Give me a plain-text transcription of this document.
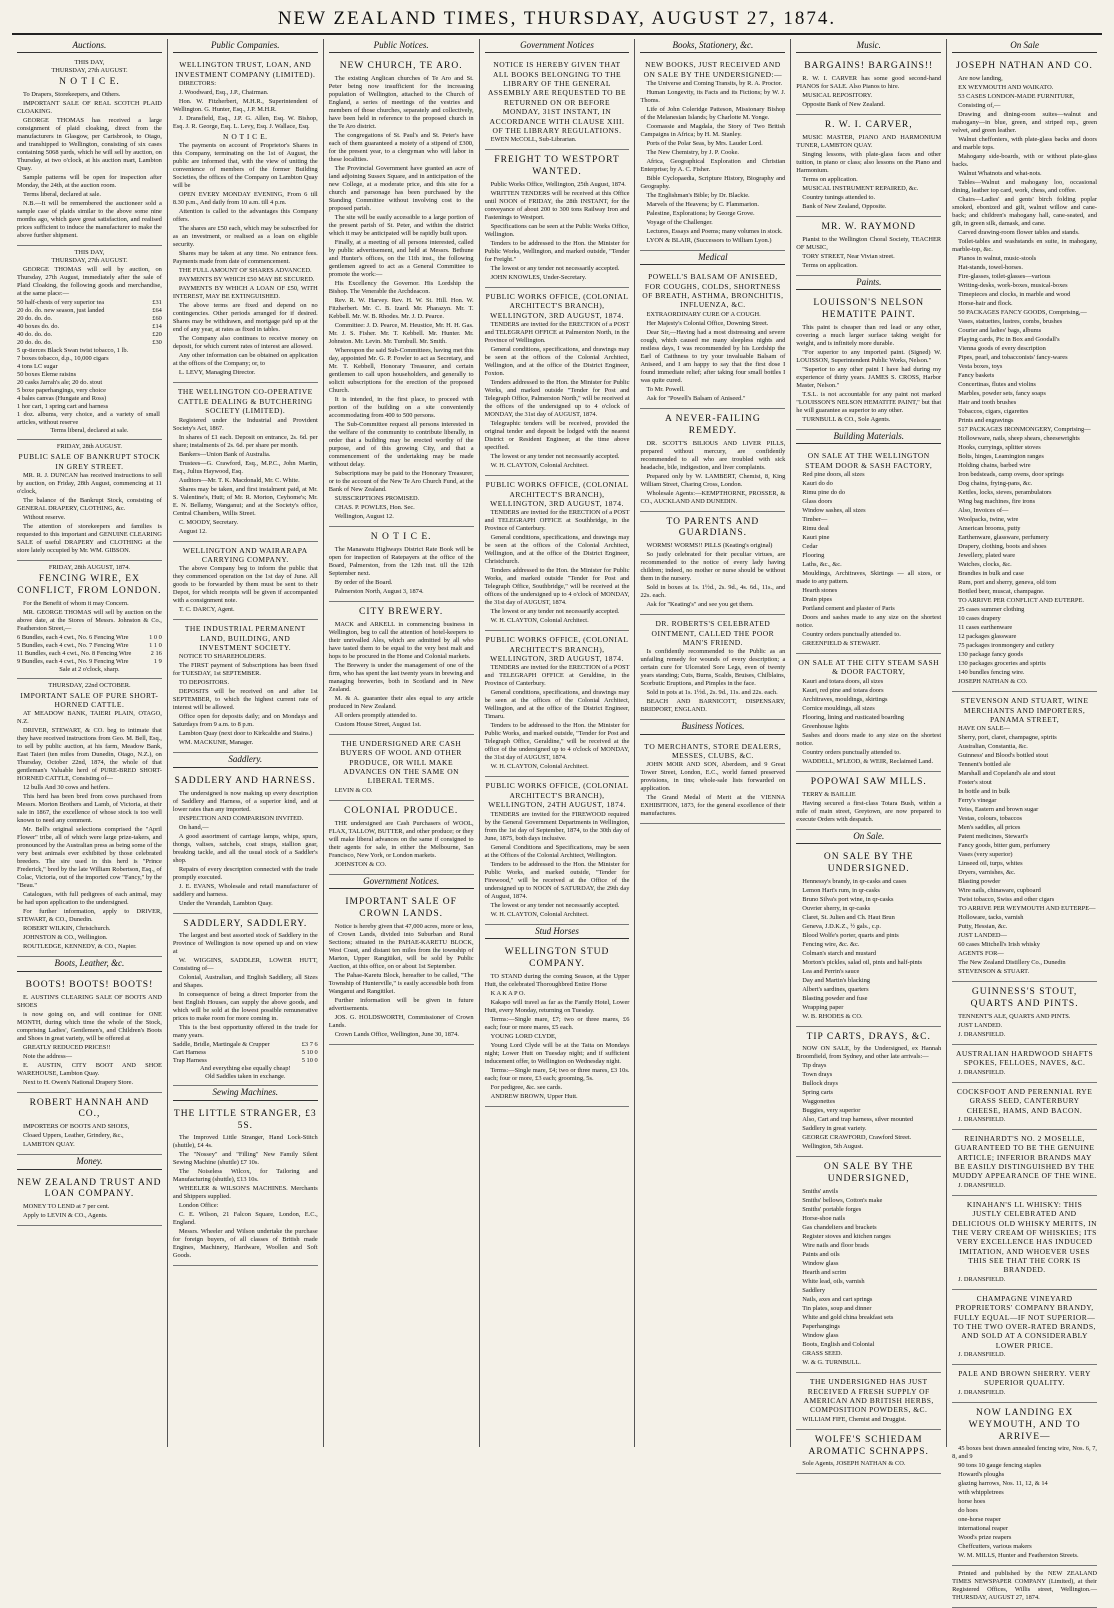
NEW ZEALAND TIMES, THURSDAY, AUGUST 27, 1874.
Auctions.
THIS DAY,
THURSDAY, 27th AUGUST.
N O T I C E.

To Drapers, Storekeepers, and Others.

IMPORTANT SALE OF REAL SCOTCH PLAID CLOAKING.

GEORGE THOMAS has received a large consignment of plaid cloaking, direct from the manufacturers in Glasgow, per Carisbrook, to Otago, and transhipped to Wellington, consisting of six cases containing 5068 yards, which he will sell by auction, on Thursday, at two o'clock, at his auction mart, Lambton Quay.

Sample patterns will be open for inspection after Monday, the 24th, at the auction room.

Terms liberal, declared at sale.

N.B.—It will be remembered the auctioneer sold a sample case of plaids similar to the above some nine months ago, which gave great satisfaction, and realised prices sufficient to induce the manufacturer to make the above further shipment.

THIS DAY,
THURSDAY, 27th AUGUST.

GEORGE THOMAS will sell by auction, on Thursday, 27th August, immediately after the sale of Plaid Cloaking, the following goods and merchandise, at the same place:—

50 half-chests of very superior tea	£31
20 do. do. new season, just landed	£64
20 do. do. do.	£60
40 boxes do. do.	£14
40 do. do. do.	£20
20 do. do. do.	£30
5 qr-tierces Black Swan twist tobacco, 1 lb.
7 boxes tobacco, d.p., 10,000 cigars
4 tons LC sugar
50 boxes Eleme raisins
20 casks Jarrah's ale; 20 do. stout
5 boxe paperhangings, very choice
4 bales canvas (Hungate and Ross)
1 hor cart, 1 spring cart and harness
1 doz. albums, very choice, and a variety of small articles, without reserve
Terms liberal, declared at sale.
FRIDAY, 28th AUGUST.
PUBLIC SALE OF BANKRUPT STOCK IN GREY STREET.

MR. R. J. DUNCAN has received instructions to sell by auction, on Friday, 28th August, commencing at 11 o'clock,

The balance of the Bankrupt Stock, consisting of GENERAL DRAPERY, CLOTHING, &c.

Without reserve.

The attention of storekeepers and families is requested to this important and GENUINE CLEARING SALE of useful DRAPERY and CLOTHING at the store lately occupied by Mr. WM. GIBSON.

FRIDAY, 28th AUGUST, 1874.
FENCING WIRE, EX CONFLICT, FROM LONDON.

For the Benefit of whom it may Concern.

MR. GEORGE THOMAS will sell by auction on the above date, at the Stores of Messrs. Johnston & Co., Featherston Street,—

6 Bundles, each 4 cwt., No. 6 Fencing Wire	1 0 0
5 Bundles, each 4 cwt., No. 7 Fencing Wire	1 1 0
11 Bundles, each 4 cwt., No. 8 Fencing Wire	2 16
9 Bundles, each 4 cwt., No. 9 Fencing Wire	1 9
Sale at 2 o'clock, sharp.
THURSDAY, 22nd OCTOBER.
IMPORTANT SALE OF PURE SHORT-HORNED CATTLE.

AT MEADOW BANK, TAIERI PLAIN, OTAGO, N.Z.

DRIVER, STEWART, & CO. beg to intimate that they have received instructions from Geo. M. Bell, Esq., to sell by public auction, at his farm, Meadow Bank, East Taieri (ten miles from Dunedin, Otago, N.Z.), on Thursday, October 22nd, 1874, the whole of that gentleman's Valuable herd of PURE-BRED SHORT-HORNED CATTLE, Consisting of—

12 bulls And 30 cows and heifers.

This herd has been bred from cows purchased from Messrs. Morton Brothers and Lamb, of Victoria, at their sale in 1867, the excellence of whose stock is too well known to need any comment.

Mr. Bell's original selections comprised the "April Flower" tribe, all of which were large prize-takers, and pronounced by the Australian press as being some of the very best animals ever exhibited by those celebrated breeders. The sire used in this herd is "Prince Frederick," bred by the late William Robertson, Esq., of Colac, Victoria, out of the imported cow "Fancy," by the "Beau."

Catalogues, with full pedigrees of each animal, may be had upon application to the undersigned.

For further information, apply to DRIVER, STEWART, & CO., Dunedin.

ROBERT WILKIN, Christchurch.

JOHNSTON & CO., Wellington.

ROUTLEDGE, KENNEDY, & CO., Napier.

Boots, Leather, &c.
BOOTS! BOOTS! BOOTS!

E. AUSTIN'S CLEARING SALE OF BOOTS AND SHOES

is now going on, and will continue for ONE MONTH, during which time the whole of the Stock, comprising Ladies', Gentlemen's, and Children's Boots and Shoes in great variety, will be offered at

GREATLY REDUCED PRICES!!

Note the address—

E. AUSTIN, CITY BOOT AND SHOE WAREHOUSE, Lambton Quay.

Next to H. Owen's National Drapery Store.

ROBERT HANNAH AND CO.,

IMPORTERS OF BOOTS AND SHOES,

Cloaed Uppers, Leather, Grindery, &c.,

LAMBTON QUAY.

Money.
NEW ZEALAND TRUST AND LOAN COMPANY.

MONEY TO LEND at 7 per cent.

Apply to LEVIN & CO., Agents.

Public Companies.
WELLINGTON TRUST, LOAN, AND INVESTMENT COMPANY (LIMITED).

DIRECTORS:

J. Woodward, Esq., J.P., Chairman.

Hon. W. Fitzherbert, M.H.R., Superintendent of Wellington. G. Hunter, Esq., J.P. M.H.R.

J. Dransfield, Esq., J.P. G. Allen, Esq. W. Bishop, Esq. J. R. George, Esq. L. Levy, Esq. J. Wallace, Esq.

N O T I C E.

The payments on account of Proprietor's Shares in this Company, terminating on the 1st of August, the public are informed that, with the view of uniting the convenience of members of the former Building Societies, the offices of the Company on Lambton Quay will be

OPEN EVERY MONDAY EVENING, From 6 till 8.30 p.m., And daily from 10 a.m. till 4 p.m.

Attention is called to the advantages this Company offers.

The shares are £50 each, which may be subscribed for as an investment, or realised as a loan on eligible security.

Shares may be taken at any time. No entrance fees. Payments made from date of commencement.

THE FULL AMOUNT OF SHARES ADVANCED.

PAYMENTS BY WHICH £50 MAY BE SECURED.

PAYMENTS BY WHICH A LOAN OF £50, WITH INTEREST, MAY BE EXTINGUISHED.

The above terms are fixed and depend on no contingencies. Other periods arranged for if desired. Shares may be withdrawn, and mortgage pa'd up at the end of any year, at rates as fixed in tables.

The Company also continues to receive money on deposit, for which current rates of interest are allowed.

Any other information can be obtained on application at the offices of the Company; or, to

L. LEVY, Managing Director.

THE WELLINGTON CO-OPERATIVE CATTLE DEALING & BUTCHERING SOCIETY (LIMITED).

Registered under the Industrial and Provident Society's Act, 1867.

In shares of £1 each. Deposit on entrance, 2s. 6d. per share; instalments of 2s. 6d. per share per month.

Bankers—Union Bank of Australia.

Trustees—G. Crawford, Esq., M.P.C., John Martin, Esq., Julius Haywood, Esq.

Auditors—Mr. T. K. Macdonald, Mr. C. White.

Shares may be taken, and first instalment paid, at Mr. S. Valentine's, Hutt; of Mr. R. Morton, Ceyhome's; Mr. E. N. Bellamy, Wanganui; and at the Society's office, Central Chambers, Willis Street.

C. MOODY, Secretary.

August 12.

WELLINGTON AND WAIRARAPA CARRYING COMPANY.

The above Company beg to inform the public that they commenced operation on the 1st day of June. All goods to be forwarded by them must be sent to their Depot, for which receipts will be given if accompanied with a consignment note.

T. C. DARCY, Agent.

THE INDUSTRIAL PERMANENT LAND, BUILDING, AND INVESTMENT SOCIETY.

NOTICE TO SHAREHOLDERS.

The FIRST payment of Subscriptions has been fixed for TUESDAY, 1st SEPTEMBER.

TO DEPOSITORS.

DEPOSITS will be received on and after 1st SEPTEMBER, to which the highest current rate of interest will be allowed.

Office open for deposits daily; and on Mondays and Saturdays from 9 a.m. to 8 p.m.

Lambton Quay (next door to Kirkcaldie and Stains.)

WM. MACKUNE, Manager.

Saddlery.
SADDLERY AND HARNESS.

The undersigned is now making up every description of Saddlery and Harness, of a superior kind, and at lower rates than any imported.

INSPECTION AND COMPARISON INVITED.

On hand,—

A good assortment of carriage lamps, whips, spurs, thongs, valises, satchels, coat straps, stallion gear, breaking tackle, and all the usual stock of a Saddler's shop.

Repairs of every description connected with the trade promptly executed.

J. E. EVANS, Wholesale and retail manufacturer of saddlery and harness.

Under the Verandah, Lambton Quay.

SADDLERY, SADDLERY.

The largest and best assorted stock of Saddlery in the Province of Wellington is now opened up and on view at

W. WIGGINS, SADDLER, LOWER HUTT, Consisting of—

Colonial, Australian, and English Saddlery, all Sizes and Shapes.

In consequence of being a direct Importer from the best English Houses, can supply the above goods, and which will be sold at the lowest possible remunerative prices to make room for more coming in.

This is the best opportunity offered in the trade for many years.

Saddle, Bridle, Martingale & Crupper	£3 7 6
Cart Harness	5 10 0
Trap Harness	5 10 0
And everything else equally cheap!
Old Saddles taken in exchange.
Sewing Machines.
THE LITTLE STRANGER, £3 5S.

The Improved Little Stranger, Hand Lock-Stitch (shuttle), £4 4s.

The "Nossey" and "Filling" New Family Silent Sewing Machine (shuttle) £7 10s.

The Noiseless Wilcox, for Tailoring and Manufacturing (shuttle), £13 10s.

WHEELER & WILSON'S MACHINES. Merchants and Shippers supplied.

London Office:

C. E. Wilson, 21 Falcon Square, London, E.C., England.

Messrs. Wheeler and Wilson undertake the purchase for foreign buyers, of all classes of British made Engines, Machinery, Hardware, Woollen and Soft Goods.

Public Notices.
NEW CHURCH, TE ARO.

The existing Anglican churches of Te Aro and St. Peter being now insufficient for the increasing population of Wellington, attached to the Church of England, a series of meetings of the vestries and members of those churches, separately and collectively, have been held in reference to the proposed church in the Te Aro district.

The congregations of St. Paul's and St. Peter's have each of them guaranteed a moiety of a stipend of £300, for the present year, to a clergyman who will labor in these localities.

The Provincial Government have granted an acre of land adjoining Sussex Square, and in anticipation of the new College, at a moderate price, and this site for a church and parsonage has been purchased by the Standing Committee without involving cost to the proposed parish.

The site will be easily accessible to a large portion of the present parish of St. Peter, and within the district which it may be anticipated will be rapidly built upon.

Finally, at a meeting of all persons interested, called by public advertisement, and held at Messrs. Bethune and Hunter's offices, on the 11th inst., the following gentlemen agreed to act as a General Committee to promote the work:—

His Excellency the Governor. His Lordship the Bishop. The Venerable the Archdeacon.

Rev. R. W. Harvey. Rev. H. W. St. Hill. Hon. W. Fitzherbert. Mr. C. B. Izard. Mr. Pharazyn. Mr. T. Kebbell. Mr. W. B. Rhodes. Mr. J. D. Pearce.

Committee: J. D. Pearce, M. Heustice, Mr. H. H. Gas. Mr. J. S. Fisher. Mr. T. Kebbell. Mr. Hunter. Mr. Johnston. Mr. Levin. Mr. Turnbull. Mr. Smith.

Whereupon the said Sub-Committees, having met this day, appointed Mr. G. P. Fowler to act as Secretary, and Mr. T. Kebbell, Honorary Treasurer, and certain gentlemen to call upon householders, and generally to solicit subscriptions for the erection of the proposed Church.

It is intended, in the first place, to proceed with portion of the building on a site conveniently accommodating from 400 to 500 persons.

The Sub-Committee request all persons interested in the welfare of the community to contribute liberally, in order that a building may be erected worthy of the purpose, and of this growing City, and that a commencement of the undertaking may be made without delay.

Subscriptions may be paid to the Honorary Treasurer, or to the account of the New Te Aro Church Fund, at the Bank of New Zealand.

SUBSCRIPTIONS PROMISED.

CHAS. P. POWLES, Hon. Sec.

Wellington, August 12.

N O T I C E.

The Manawatu Highways District Rate Book will be open for inspection of Ratepayers at the office of the Board, Palmerston, from the 12th inst. till the 12th September next.

By order of the Board.

Palmerston North, August 3, 1874.

CITY BREWERY.

MACK and ARKELL in commencing business in Wellington, beg to call the attention of hotel-keepers to their unrivalled Ales, which are admitted by all who have tasted them to be equal to the very best malt and hops to be procured in the Home and Colonial markets.

The Brewery is under the management of one of the firm, who has spent the last twenty years in brewing and managing breweries, both in Scotland and in New Zealand.

M. & A. guarantee their ales equal to any article produced in New Zealand.

All orders promptly attended to.

Custom House Street, August 1st.

THE UNDERSIGNED ARE CASH BUYERS OF WOOL AND OTHER PRODUCE, OR WILL MAKE ADVANCES ON THE SAME ON LIBERAL TERMS.

LEVIN & CO.

COLONIAL PRODUCE.

THE undersigned are Cash Purchasers of WOOL, FLAX, TALLOW, BUTTER, and other produce; or they will make liberal advances on the same if consigned to their agents for sale, in either the Melbourne, San Francisco, New York, or London markets.

JOHNSTON & CO.

Government Notices.
IMPORTANT SALE OF CROWN LANDS.

Notice is hereby given that 47,000 acres, more or less, of Crown Lands, divided into Suburban and Rural Sections; situated in the PAHAE-KARETU BLOCK, West Coast, and distant ten miles from the township of Marton, Upper Rangitikei, will be sold by Public Auction, at this office, on or about 1st September.

The Pahae-Karetu Block, hereafter to be called, "The Township of Hunterville," is easily accessible both from Wanganui and Rangitikei.

Further information will be given in future advertisements.

JOS. G. HOLDSWORTH, Commissioner of Crown Lands.

Crown Lands Office, Wellington, June 30, 1874.

Government Notices
NOTICE IS HEREBY GIVEN THAT ALL BOOKS BELONGING TO THE LIBRARY OF THE GENERAL ASSEMBLY ARE REQUESTED TO BE RETURNED ON OR BEFORE MONDAY, 31ST INSTANT, IN ACCORDANCE WITH CLAUSE XIII. OF THE LIBRARY REGULATIONS.

EWEN McCOLL, Sub-Librarian.

FREIGHT TO WESTPORT WANTED.

Public Works Office, Wellington, 25th August, 1874.

WRITTEN TENDERS will be received at this Office until NOON of FRIDAY, the 28th INSTANT, for the conveyance of about 200 to 300 tons Railway Iron and Fastenings to Westport.

Specifications can be seen at the Public Works Office, Wellington.

Tenders to be addressed to the Hon. the Minister for Public Works, Wellington, and marked outside, "Tender for Freight."

The lowest or any tender not necessarily accepted.

JOHN KNOWLES, Under-Secretary.

PUBLIC WORKS OFFICE, (COLONIAL ARCHITECT'S BRANCH), WELLINGTON, 3RD AUGUST, 1874.

TENDERS are invited for the ERECTION of a POST and TELEGRAPH OFFICE at Palmerston North, in the Province of Wellington.

General conditions, specifications, and drawings may be seen at the offices of the Colonial Architect, Wellington, and at the office of the District Engineer, Foxton.

Tenders addressed to the Hon. the Minister for Public Works, and marked outside "Tender for Post and Telegraph Office, Palmerston North," will be received at the offices of the undersigned up to 4 o'clock of MONDAY, the 31st day of AUGUST, 1874.

Telegraphic tenders will be received, provided the original tender and deposit be lodged with the nearest District or Resident Engineer, at the time above specified.

The lowest or any tender not necessarily accepted.

W. H. CLAYTON, Colonial Architect.

PUBLIC WORKS OFFICE, (COLONIAL ARCHITECT'S BRANCH), WELLINGTON, 3RD AUGUST, 1874.

TENDERS are invited for the ERECTION of a POST and TELEGRAPH OFFICE at Southbridge, in the Province of Canterbury.

General conditions, specifications, and drawings may be seen at the offices of the Colonial Architect, Wellington, and at the office of the District Engineer, Christchurch.

Tenders addressed to the Hon. the Minister for Public Works, and marked outside "Tender for Post and Telegraph Office, Southbridge," will be received at the offices of the undersigned up to 4 o'clock of MONDAY, the 31st day of AUGUST, 1874.

The lowest or any tender not necessarily accepted.

W. H. CLAYTON, Colonial Architect.

PUBLIC WORKS OFFICE, (COLONIAL ARCHITECT'S BRANCH), WELLINGTON, 3RD AUGUST, 1874.

TENDERS are invited for the ERECTION of a POST and TELEGRAPH OFFICE at Geraldine, in the Province of Canterbury.

General conditions, specifications, and drawings may be seen at the offices of the Colonial Architect, Wellington, and at the office of the District Engineer, Timaru.

Tenders to be addressed to the Hon. the Minister for Public Works, and marked outside, "Tender for Post and Telegraph Office, Geraldine," will be received at the office of the undersigned up to 4 o'clock of MONDAY, the 31st day of AUGUST, 1874.

W. H. CLAYTON, Colonial Architect.

PUBLIC WORKS OFFICE, (COLONIAL ARCHITECT'S BRANCH), WELLINGTON, 24TH AUGUST, 1874.

TENDERS are invited for the FIREWOOD required by the General Government Departments in Wellington, from the 1st day of September, 1874, to the 30th day of June, 1875, both days inclusive.

General Conditions and Specifications, may be seen at the Offices of the Colonial Architect, Wellington.

Tenders to be addressed to the Hon. the Minister for Public Works, and marked outside, "Tender for Firewood," will be received at the Office of the undersigned up to NOON of SATURDAY, the 29th day of August, 1874.

The lowest or any tender not necessarily accepted.

W. H. CLAYTON, Colonial Architect.

Stud Horses
WELLINGTON STUD COMPANY.

TO STAND during the coming Season, at the Upper Hutt, the celebrated Thoroughbred Entire Horse

K A K A P O.

Kakapo will travel as far as the Family Hotel, Lower Hutt, every Monday, returning on Tuesday.

Terms:—Single mare, £7; two or three mares, £6 each; four or more mares, £5 each.

YOUNG LORD CLYDE,

Young Lord Clyde will be at the Taita on Mondays night; Lower Hutt on Tuesday night; and if sufficient inducement offer, to Wellington on Wednesday night.

Terms:—Single mare, £4; two or three mares, £3 10s. each; four or more, £3 each; grooming, 5s.

For pedigree, &c. see cards.

ANDREW BROWN, Upper Hutt.

Books, Stationery, &c.
NEW BOOKS, JUST RECEIVED AND ON SALE BY THE UNDERSIGNED:—

The Universe and Coming Transits, by R. A. Proctor.

Human Longevity, its Facts and its Fictions; by W. J. Thoms.

Life of John Coleridge Patteson, Missionary Bishop of the Melanesian Islands; by Charlotte M. Yonge.

Coomassie and Magdala, the Story of Two British Campaigns in Africa; by H. M. Stanley.

Ports of the Polar Seas, by Mrs. Lauder Lord.

The New Chemistry, by J. P. Cooke.

Africa, Geographical Exploration and Christian Enterprise; by A. C. Fisher.

Bible Cyclopaedia, Scripture History, Biography and Geography.

The Englishman's Bible; by Dr. Blackie.

Marvels of the Heavens; by C. Flammarion.

Palestine, Explorations; by George Grove.

Voyage of the Challenger.

Lectures, Essays and Poems; many volumes in stock.

LYON & BLAIR, (Successors to William Lyon.)

Medical
POWELL'S BALSAM OF ANISEED, FOR COUGHS, COLDS, SHORTNESS OF BREATH, ASTHMA, BRONCHITIS, INFLUENZA, &C.

EXTRAORDINARY CURE OF A COUGH.

Her Majesty's Colonial Office, Downing Street.

Dear Sir,—Having had a most distressing and severe cough, which caused me many sleepless nights and restless days, I was recommended by his Lordship the Earl of Caithness to try your invaluable Balsam of Aniseed, and I am happy to say that the first dose I found immediate relief; after taking four small bottles I was quite cured.

To Mr. Powell.

Ask for "Powell's Balsam of Aniseed."

A NEVER-FAILING REMEDY.

DR. SCOTT'S BILIOUS AND LIVER PILLS, prepared without mercury, are confidently recommended to all who are troubled with sick headache, bile, indigestion, and liver complaints.

Prepared only by W. LAMBERT, Chemist, 8, King William Street, Charing Cross, London.

Wholesale Agents:—KEMPTHORNE, PROSSER, & CO., AUCKLAND AND DUNEDIN.

TO PARENTS AND GUARDIANS.

WORMS! WORMS!! PILLS (Keating's original)

So justly celebrated for their peculiar virtues, are recommended to the notice of every lady having children; indeed, no mother or nurse should be without them in the nursery.

Sold in boxes at 1s. 1½d., 2s. 9d., 4s. 6d., 11s., and 22s. each.

Ask for "Keating's" and see you get them.

DR. ROBERTS'S CELEBRATED OINTMENT, CALLED THE POOR MAN'S FRIEND.

Is confidently recommended to the Public as an unfailing remedy for wounds of every description; a certain cure for Ulcerated Sore Legs, even of twenty years standing; Cuts, Burns, Scalds, Bruises, Chilblains, Scorbutic Eruptions, and Pimples in the face.

Sold in pots at 1s. 1½d., 2s. 9d., 11s. and 22s. each.

BEACH AND BARNICOTT, DISPENSARY, BRIDPORT, ENGLAND.

Business Notices.
TO MERCHANTS, STORE DEALERS, MESSES, CLUBS, &C.

JOHN MOIR AND SON, Aberdeen, and 9 Great Tower Street, London, E.C., world famed preserved provisions, in tins; whole-sale lists forwarded on application.

The Grand Medal of Merit at the VIENNA EXHIBITION, 1873, for the general excellence of their manufactures.

Music.
BARGAINS! BARGAINS!!

R. W. I. CARVER has some good second-hand PIANOS for SALE. Also Pianos to hire.

MUSICAL REPOSITORY.

Opposite Bank of New Zealand.

R. W. I. CARVER,

MUSIC MASTER, PIANO AND HARMONIUM TUNER, LAMBTON QUAY.

Singing lessons, with plate-glass faces and other tuition, in piano or class; also lessons on the Piano and Harmonium.

Terms on application.

MUSICAL INSTRUMENT REPAIRED, &c.

Country tunings attended to.

Bank of New Zealand, Opposite.

MR. W. RAYMOND

Pianist to the Wellington Choral Society, TEACHER OF MUSIC,

TORY STREET, Near Vivian street.

Terms on application.

Paints.
LOUISSON'S NELSON HEMATITE PAINT.

This paint is cheaper than red lead or any other, covering a much larger surface taking weight for weight, and is infinitely more durable.

"For superior to any imported paint. (Signed) W. LOUISSON, Superintendent Public Works, Nelson."

"Superior to any other paint I have had during my experience of thirty years. JAMES S. CROSS, Harbor Master, Nelson."

T.S.L. is not accountable for any paint not marked "LOUISSON'S NELSON HEMATITE PAINT," but that he will guarantee as superior to any other.

TURNBULL & CO., Sole Agents.

Building Materials.
ON SALE AT THE WELLINGTON STEAM DOOR & SASH FACTORY,

Red pine doors, all sizes

Kauri do do

Rimu pine do do

Glass doors

Window sashes, all sizes

Timber—

Rimu deal

Kauri pine

Cedar

Flooring

Laths, &c., &c.

Mouldings, Architraves, Skirtings — all sizes, or made to any pattern.

Hearth stones

Drain pipes

Portland cement and plaster of Paris

Doors and sashes made to any size on the shortest notice.

Country orders punctually attended to.

GREENFIELD & STEWART.

ON SALE AT THE CITY STEAM SASH & DOOR FACTORY,

Kauri and totara doors, all sizes

Kauri, red pine and totara doors

Architraves, mouldings, skirtings

Cornice mouldings, all sizes

Flooring, lining and rusticated boarding

Greenhouse lights

Sashes and doors made to any size on the shortest notice.

Country orders punctually attended to.

WADDELL, M'LEOD, & WEIR, Reclaimed Land.

POPOWAI SAW MILLS.

TERRY & BAILLIE

Having secured a first-class Totara Bush, within a mile of main street, Greytown, are now prepared to execute Orders with despatch.

On Sale.
ON SALE BY THE UNDERSIGNED.

Hennessy's brandy, in qr-casks and cases

Lemon Hart's rum, in qr-casks

Bruno Silva's port wine, in qr-casks

Ouvrier sherry, in qr-casks

Claret, St. Julien and Ch. Haut Brun

Geneva, J.D.K.Z., ½ gals., c.p.

Blood Wolfe's porter, quarts and pints

Fencing wire, &c. &c.

Colman's starch and mustard

Morton's pickles, salad oil, pints and half-pints

Lea and Perrin's sauce

Day and Martin's blacking

Albert's sardines, quarters

Blasting powder and fuse

Wrapping paper

W. B. RHODES & CO.

TIP CARTS, DRAYS, &C.

NOW ON SALE, by the Undersigned, ex Hannah Broomfield, from Sydney, and other late arrivals:—

Tip drays

Town drays

Bullock drays

Spring carts

Waggonettes

Buggies, very superior

Also, Cart and trap harness, silver mounted

Saddlery in great variety.

GEORGE CRAWFORD, Crawford Street.

Wellington, 5th August.

ON SALE BY THE UNDERSIGNED,

Smiths' anvils

Smiths' bellows, Cotton's make

Smiths' portable forges

Horse-shoe nails

Gas chandeliers and brackets

Register stoves and kitchen ranges

Wire nails and floor brads

Paints and oils

Window glass

Hearth and scrim

White lead, oils, varnish

Saddlery

Nails, axes and cart springs

Tin plates, soup and dinner

White and gold china breakfast sets

Paperhangings

Window glass

Boots, English and Colonial

GRASS SEED.

W. & G. TURNBULL.

THE UNDERSIGNED HAS JUST RECEIVED A FRESH SUPPLY OF AMERICAN AND BRITISH HERBS, COMPOSITION POWDERS, &C.

WILLIAM FIFE, Chemist and Druggist.

WOLFE'S SCHIEDAM AROMATIC SCHNAPPS.

Sole Agents, JOSEPH NATHAN & CO.

On Sale
JOSEPH NATHAN AND CO.

Are now landing,

EX WEYMOUTH AND WAIKATO.

53 CASES LONDON-MADE FURNITURE,

Consisting of,—

Drawing and dining-room suites—walnut and mahogany—in blue, green, and striped rep., green velvet, and green leather.

Walnut cheffoniers, with plate-glass backs and doors and marble tops.

Mahogany side-boards, with or without plate-glass backs.

Walnut Whatnots and what-nots.

Tables—Walnut and mahogany loo, occasional dining, leather top card, work, chess, and coffee.

Chairs—Ladies' and gents' birch folding poplar smoked, ebonized and gilt, walnut willow and cane-back; and children's mahogany hall, cane-seated, and gilt, in green silk, damask, and cane.

Carved drawing-room flower tables and stands.

Toilet-tables and washstands en suite, in mahogany, marble-top, &c.

Pianos in walnut, music-stools

Hat-stands, towel-horses.

Fire-glasses, toilet-glasses—various

Writing-desks, work-boxes, musical-boxes

Timepieces and clocks, in marble and wood

Horse-hair and flock.

50 PACKAGES FANCY GOODS, Comprising,—

Vases, statuettes, lustres, combs, brushes

Courier and ladies' bags, albums

Playing cards, Pic in Box and Goodall's

Vienna goods of every description

Pipes, pearl, and tobacconists' fancy-wares

Vesta boxes, toys

Fancy baskets

Concertinas, flutes and violins

Marbles, powder sets, fancy soaps

Hair and tooth brushes

Tobaccos, cigars, cigarettes

Prints and engravings

517 PACKAGES IRONMONGERY, Comprising—

Hollowware, nails, sheep shears, cheesewrights

Hooks, curryings, splitter stoves

Bolts, hinges, Leamington ranges

Holding chains, barbed wire

Iron bedsteads, camp ovens, door springs

Dog chains, frying-pans, &c.

Kettles, locks, sieves, perambulators

Wing bag machines, fire irons

Also, Invoices of—

Woolpacks, twine, wire

American brooms, putty

Earthenware, glassware, perfumery

Drapery, clothing, boots and shoes

Jewellery, plated ware

Watches, clocks, &c.

Brandies in bulk and case

Rum, port and sherry, geneva, old tom

Bottled beer, muscat, champagne.

TO ARRIVE PER CONFLICT AND EUTERPE.

25 cases summer clothing

10 cases drapery

11 cases earthenware

12 packages glassware

75 packages ironmongery and cutlery

130 package fancy goods

130 packages groceries and spirits

140 bundles fencing wire.

JOSEPH NATHAN & CO.

STEVENSON AND STUART, WINE MERCHANTS AND IMPORTERS, PANAMA STREET,

HAVE ON SALE—

Sherry, port, claret, champagne, spirits

Australian, Constantia, &c.

Guinness' and Blood's bottled stout

Tennent's bottled ale

Marshall and Copeland's ale and stout

Foster's stout

In bottle and in bulk

Ferry's vinegar

Yeiss, Eastern and brown sugar

Vestas, colours, tobaccos

Men's saddles, all prices

Patent medicines, Stewart's

Fancy goods, bitter gum, perfumery

Vases (very superior)

Linseed oil, turps, whites

Dryers, varnishes, &c.

Blasting powder

Wire nails, chinaware, cupboard

Twist tobacco, Swiss and other cigars

TO ARRIVE PER WEYMOUTH AND EUTERPE—

Holloware, tacks, varnish

Putty, Hessian, &c.

JUST LANDED—

60 cases Mitchell's Irish whisky

AGENTS FOR—

The New Zealand Distillery Co., Dunedin

STEVENSON & STUART.

GUINNESS'S STOUT, QUARTS AND PINTS.

TENNENT'S ALE, QUARTS AND PINTS.

JUST LANDED.

J. DRANSFIELD.

AUSTRALIAN HARDWOOD SHAFTS SPOKES, FELLOES, NAVES, &C.

J. DRANSFIELD.

COCKSFOOT AND PERENNIAL RYE GRASS SEED, CANTERBURY CHEESE, HAMS, AND BACON.

J. DRANSFIELD.

REINHARDT'S NO. 2 MOSELLE, GUARANTEED TO BE THE GENUINE ARTICLE; INFERIOR BRANDS MAY BE EASILY DISTINGUISHED BY THE MUDDY APPEARANCE OF THE WINE.

J. DRANSFIELD.

KINAHAN'S LL WHISKY: THIS JUSTLY CELEBRATED AND DELICIOUS OLD WHISKY MERITS, IN THE VERY CREAM OF WHISKIES; ITS VERY EXCELLENCE HAS INDUCED IMITATION, AND WHOEVER USES THIS SEE THAT THE CORK IS BRANDED.

J. DRANSFIELD.

CHAMPAGNE VINEYARD PROPRIETORS' COMPANY BRANDY, FULLY EQUAL—IF NOT SUPERIOR—TO THE TWO OVER-RATED BRANDS, AND SOLD AT A CONSIDERABLY LOWER PRICE.

J. DRANSFIELD.

PALE AND BROWN SHERRY. VERY SUPERIOR QUALITY.

J. DRANSFIELD.

NOW LANDING EX WEYMOUTH, AND TO ARRIVE—

45 boxes best drawn annealed fencing wire, Nos. 6, 7, 8, and 9

90 tons 10 gauge fencing staples

Howard's ploughs

glazing harrows, Nos. 11, 12, & 14

with whippletrees

horse hoes

do hoes

one-horse reaper

international reaper

Wood's prize reapers

Cheffcutters, various makers

W. M. MILLS, Hunter and Featherston Streets.

Printed and published by the NEW ZEALAND TIMES NEWSPAPER COMPANY (Limited), at their Registered Offices, Willis street, Wellington.—THURSDAY, AUGUST 27, 1874.
